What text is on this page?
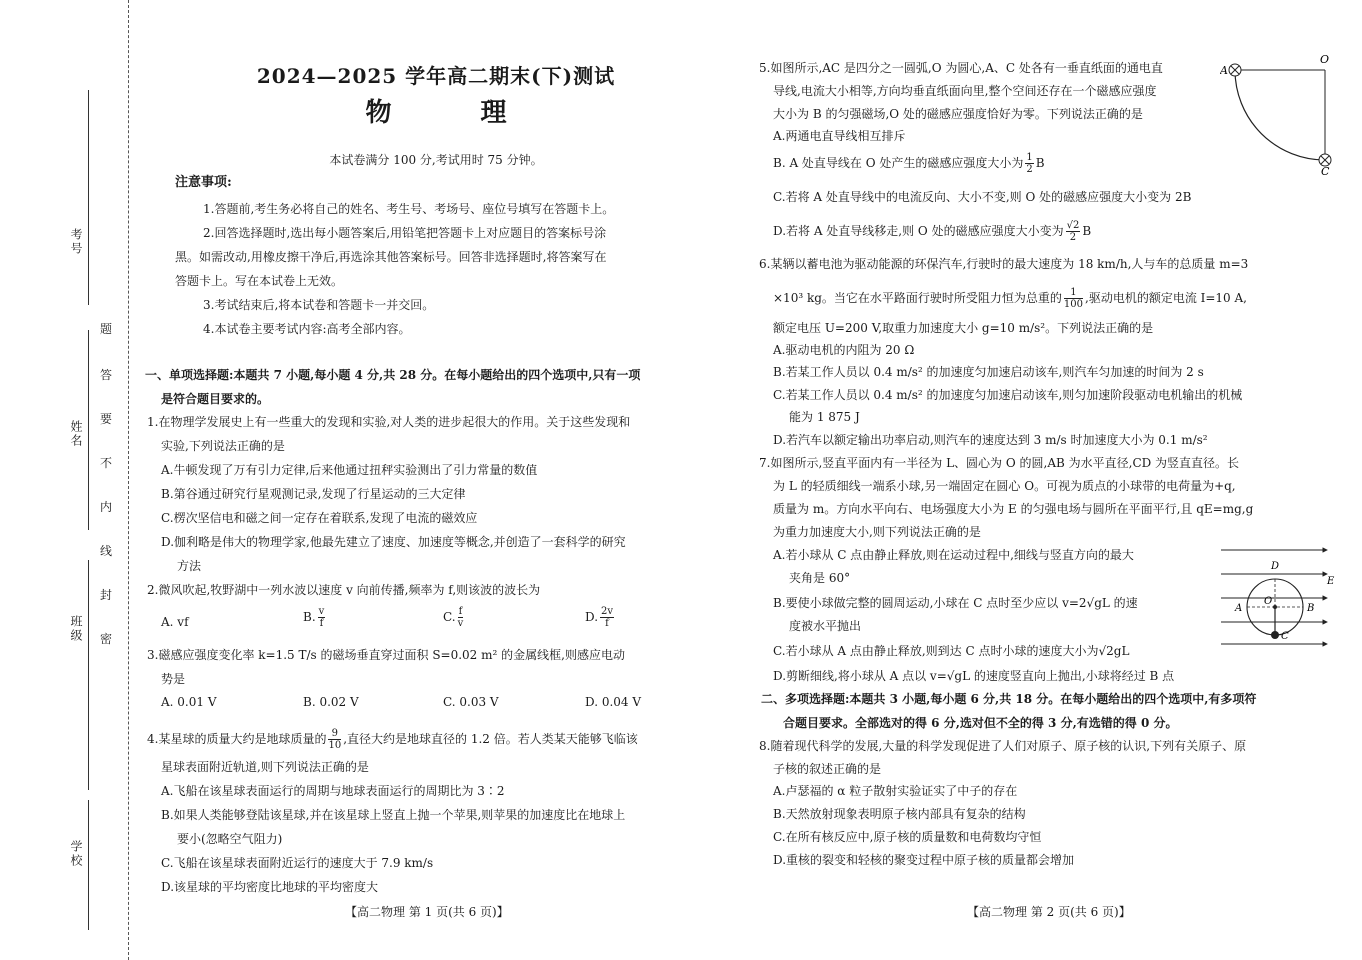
考号
姓名
班级
学校
题
答
要
不
内
线
封
密
2024—2025 学年高二期末(下)测试
物 理
本试卷满分 100 分,考试用时 75 分钟。
注意事项:
1.答题前,考生务必将自己的姓名、考生号、考场号、座位号填写在答题卡上。
2.回答选择题时,选出每小题答案后,用铅笔把答题卡上对应题目的答案标号涂
黑。如需改动,用橡皮擦干净后,再选涂其他答案标号。回答非选择题时,将答案写在
答题卡上。写在本试卷上无效。
3.考试结束后,将本试卷和答题卡一并交回。
4.本试卷主要考试内容:高考全部内容。
一、单项选择题:本题共 7 小题,每小题 4 分,共 28 分。在每小题给出的四个选项中,只有一项
是符合题目要求的。
1.在物理学发展史上有一些重大的发现和实验,对人类的进步起很大的作用。关于这些发现和
实验,下列说法正确的是
A.牛顿发现了万有引力定律,后来他通过扭秤实验测出了引力常量的数值
B.第谷通过研究行星观测记录,发现了行星运动的三大定律
C.楞次坚信电和磁之间一定存在着联系,发现了电流的磁效应
D.伽利略是伟大的物理学家,他最先建立了速度、加速度等概念,并创造了一套科学的研究
方法
2.微风吹起,牧野湖中一列水波以速度 v 向前传播,频率为 f,则该波的波长为
A. vf	B. $\frac{v}{f}$	C. $\frac{f}{v}$	D. $\frac{2v}{f}$
3.磁感应强度变化率 k=1.5 T/s 的磁场垂直穿过面积 S=0.02 m² 的金属线框,则感应电动
势是
A. 0.01 V	B. 0.02 V	C. 0.03 V	D. 0.04 V
4.某星球的质量大约是地球质量的 $\frac{9}{10}$ ,直径大约是地球直径的 1.2 倍。若人类某天能够飞临该
星球表面附近轨道,则下列说法正确的是
A.飞船在该星球表面运行的周期与地球表面运行的周期比为 3∶2
B.如果人类能够登陆该星球,并在该星球上竖直上抛一个苹果,则苹果的加速度比在地球上
要小(忽略空气阻力)
C.飞船在该星球表面附近运行的速度大于 7.9 km/s
D.该星球的平均密度比地球的平均密度大
【高二物理 第 1 页(共 6 页)】
5.如图所示,AC 是四分之一圆弧,O 为圆心,A、C 处各有一垂直纸面的通电直
导线,电流大小相等,方向均垂直纸面向里,整个空间还存在一个磁感应强度
大小为 B 的匀强磁场,O 处的磁感应强度恰好为零。下列说法正确的是
A.两通电直导线相互排斥
B. A 处直导线在 O 处产生的磁感应强度大小为 $\frac{1}{2}$ B
C.若将 A 处直导线中的电流反向、大小不变,则 O 处的磁感应强度大小变为 2B
D.若将 A 处直导线移走,则 O 处的磁感应强度大小变为 $\frac{√2}{2}$ B
A
O
C
6.某辆以蓄电池为驱动能源的环保汽车,行驶时的最大速度为 18 km/h,人与车的总质量 m=3
×10³ kg。当它在水平路面行驶时所受阻力恒为总重的 $\frac{1}{100}$ ,驱动电机的额定电流 I=10 A,
额定电压 U=200 V,取重力加速度大小 g=10 m/s²。下列说法正确的是
A.驱动电机的内阻为 20 Ω
B.若某工作人员以 0.4 m/s² 的加速度匀加速启动该车,则汽车匀加速的时间为 2 s
C.若某工作人员以 0.4 m/s² 的加速度匀加速启动该车,则匀加速阶段驱动电机输出的机械
能为 1 875 J
D.若汽车以额定输出功率启动,则汽车的速度达到 3 m/s 时加速度大小为 0.1 m/s²
7.如图所示,竖直平面内有一半径为 L、圆心为 O 的圆,AB 为水平直径,CD 为竖直直径。长
为 L 的轻质细线一端系小球,另一端固定在圆心 O。可视为质点的小球带的电荷量为+q,
质量为 m。方向水平向右、电场强度大小为 E 的匀强电场与圆所在平面平行,且 qE=mg,g
为重力加速度大小,则下列说法正确的是
A.若小球从 C 点由静止释放,则在运动过程中,细线与竖直方向的最大
夹角是 60°
B.要使小球做完整的圆周运动,小球在 C 点时至少应以 v=2√gL 的速
度被水平抛出
C.若小球从 A 点由静止释放,则到达 C 点时小球的速度大小为√2gL
D.剪断细线,将小球从 A 点以 v=√gL 的速度竖直向上抛出,小球将经过 B 点
D
E
O
A	B
C
二、多项选择题:本题共 3 小题,每小题 6 分,共 18 分。在每小题给出的四个选项中,有多项符
合题目要求。全部选对的得 6 分,选对但不全的得 3 分,有选错的得 0 分。
8.随着现代科学的发展,大量的科学发现促进了人们对原子、原子核的认识,下列有关原子、原
子核的叙述正确的是
A.卢瑟福的 α 粒子散射实验证实了中子的存在
B.天然放射现象表明原子核内部具有复杂的结构
C.在所有核反应中,原子核的质量数和电荷数均守恒
D.重核的裂变和轻核的聚变过程中原子核的质量都会增加
【高二物理 第 2 页(共 6 页)】
